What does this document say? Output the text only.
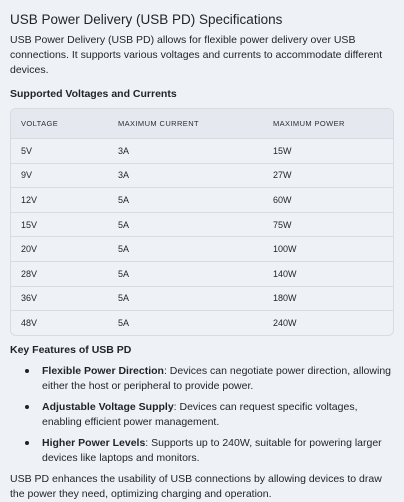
USB Power Delivery (USB PD) Specifications

USB Power Delivery (USB PD) allows for flexible power delivery over USB connections. It supports various voltages and currents to accommodate different devices.

Supported Voltages and Currents
VOLTAGE	MAXIMUM CURRENT	MAXIMUM POWER
5V	3A	15W
9V	3A	27W
12V	5A	60W
15V	5A	75W
20V	5A	100W
28V	5A	140W
36V	5A	180W
48V	5A	240W
Key Features of USB PD
Flexible Power Direction: Devices can negotiate power direction, allowing either the host or peripheral to provide power.
Adjustable Voltage Supply: Devices can request specific voltages, enabling efficient power management.
Higher Power Levels: Supports up to 240W, suitable for powering larger devices like laptops and monitors.

USB PD enhances the usability of USB connections by allowing devices to draw the power they need, optimizing charging and operation.
